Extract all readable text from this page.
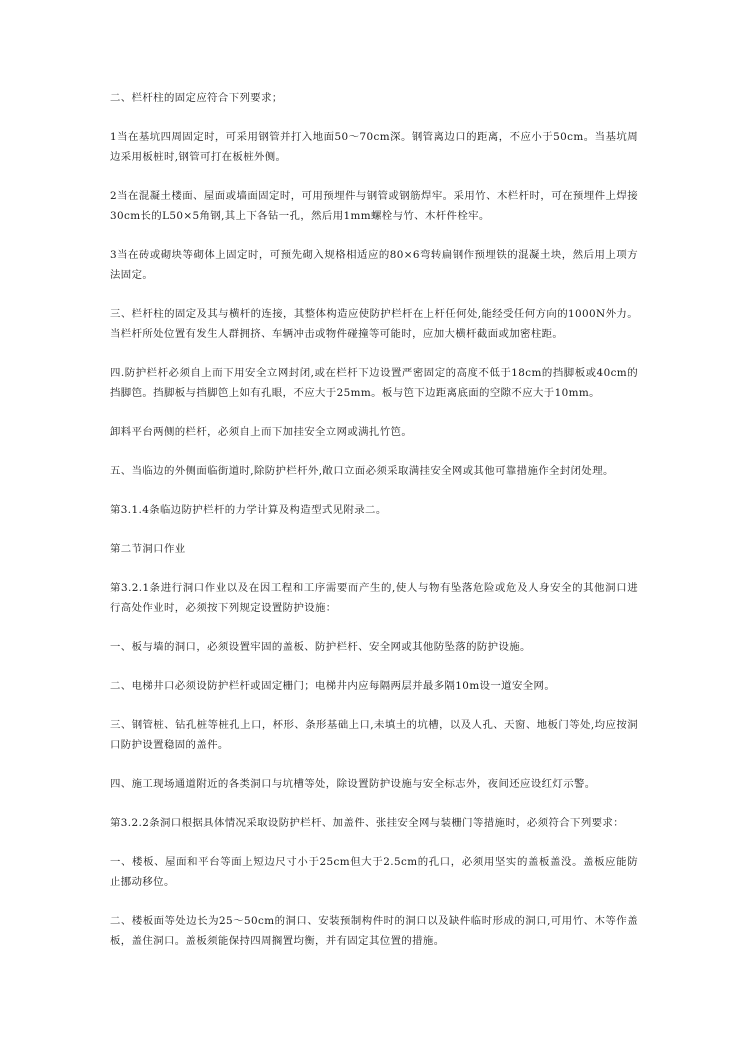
二、栏杆柱的固定应符合下列要求；

1当在基坑四周固定时，可采用钢管并打入地面50～70cm深。钢管离边口的距离，不应小于50cm。当基坑周边采用板桩时,钢管可打在板桩外侧。

2当在混凝土楼面、屋面或墙面固定时，可用预埋件与钢管或钢筋焊牢。采用竹、木栏杆时，可在预埋件上焊接30cm长的L50×5角钢,其上下各钻一孔，然后用1mm螺栓与竹、木杆件栓牢。

3当在砖或砌块等砌体上固定时，可预先砌入规格相适应的80×6弯转扁钢作预埋铁的混凝土块，然后用上项方法固定。

三、栏杆柱的固定及其与横杆的连接，其整体构造应使防护栏杆在上杆任何处,能经受任何方向的1000N外力。当栏杆所处位置有发生人群拥挤、车辆冲击或物件碰撞等可能时，应加大横杆截面或加密柱距。

四.防护栏杆必须自上而下用安全立网封闭,或在栏杆下边设置严密固定的高度不低于18cm的挡脚板或40cm的挡脚笆。挡脚板与挡脚笆上如有孔眼，不应大于25mm。板与笆下边距离底面的空隙不应大于10mm。

卸料平台两侧的栏杆，必须自上而下加挂安全立网或满扎竹笆。

五、当临边的外侧面临街道时,除防护栏杆外,敞口立面必须采取满挂安全网或其他可靠措施作全封闭处理。

第3.1.4条临边防护栏杆的力学计算及构造型式见附录二。

第二节洞口作业

第3.2.1条进行洞口作业以及在因工程和工序需要而产生的,使人与物有坠落危险或危及人身安全的其他洞口进行高处作业时，必须按下列规定设置防护设施：

一、板与墙的洞口，必须设置牢固的盖板、防护栏杆、安全网或其他防坠落的防护设施。

二、电梯井口必须设防护栏杆或固定栅门；电梯井内应每隔两层并最多隔10m设一道安全网。

三、钢管桩、钻孔桩等桩孔上口，杯形、条形基础上口,未填土的坑槽，以及人孔、天窗、地板门等处,均应按洞口防护设置稳固的盖件。

四、施工现场通道附近的各类洞口与坑槽等处，除设置防护设施与安全标志外，夜间还应设红灯示警。

第3.2.2条洞口根据具体情况采取设防护栏杆、加盖件、张挂安全网与装栅门等措施时，必须符合下列要求：

一、楼板、屋面和平台等面上短边尺寸小于25cm但大于2.5cm的孔口，必须用坚实的盖板盖没。盖板应能防止挪动移位。

二、楼板面等处边长为25～50cm的洞口、安装预制构件时的洞口以及缺件临时形成的洞口,可用竹、木等作盖板，盖住洞口。盖板须能保持四周搁置均衡，并有固定其位置的措施。
